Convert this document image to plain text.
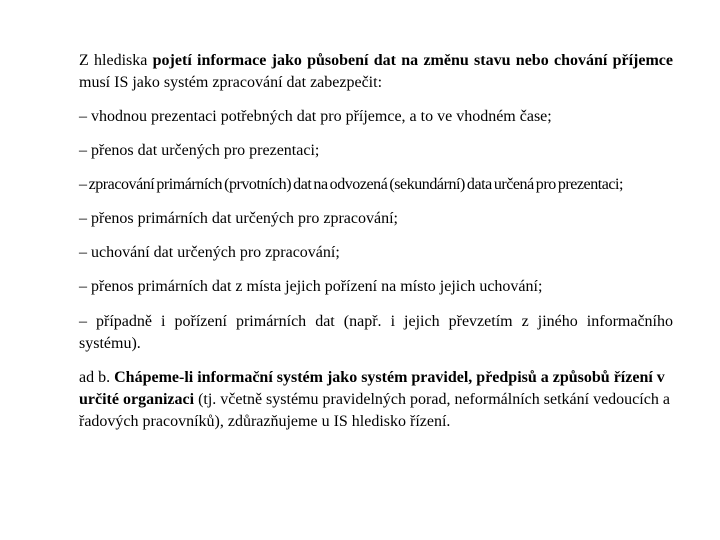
Z hlediska pojetí informace jako působení dat na změnu stavu nebo chování příjemce musí IS jako systém zpracování dat zabezpečit:

– vhodnou prezentaci potřebných dat pro příjemce, a to ve vhodném čase;

– přenos dat určených pro prezentaci;

– zpracování primárních (prvotních) dat na odvozená (sekundární) data určená pro prezentaci;

– přenos primárních dat určených pro zpracování;

– uchování dat určených pro zpracování;

– přenos primárních dat z místa jejich pořízení na místo jejich uchování;

– případně i pořízení primárních dat (např. i jejich převzetím z jiného informačního systému).

ad b. Chápeme-li informační systém jako systém pravidel, předpisů a způsobů řízení v určité organizaci (tj. včetně systému pravidelných porad, neformálních setkání vedoucích a řadových pracovníků), zdůrazňujeme u IS hledisko řízení.
